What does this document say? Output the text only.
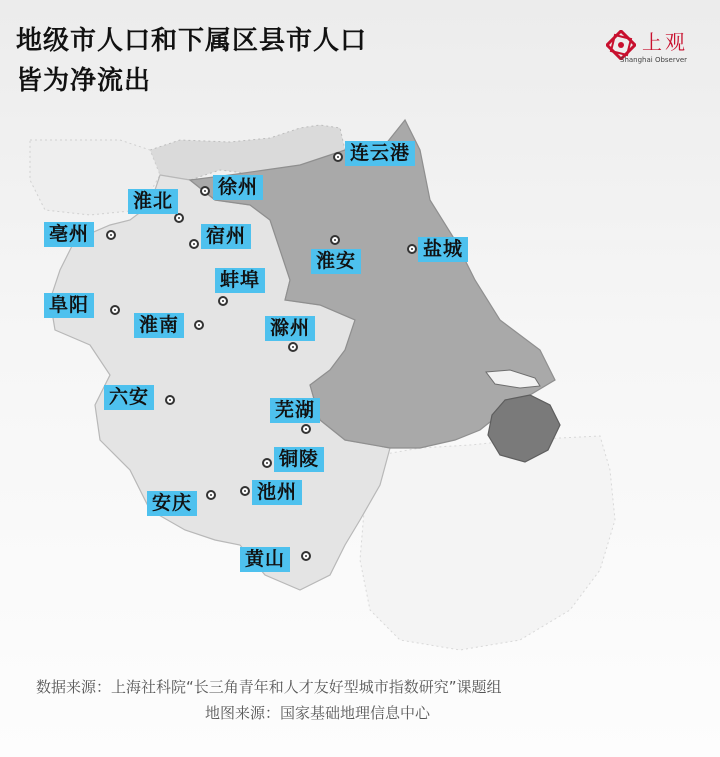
地级市人口和下属区县市人口
皆为净流出
上观
Shanghai Observer
连云港
徐州
淮北
亳州	宿州
淮安
盐城
蚌埠
阜阳
淮南	滁州
六安
芜湖
铜陵
安庆	池州
黄山
数据来源：上海社科院“长三角青年和人才友好型城市指数研究”课题组
地图来源：国家基础地理信息中心
